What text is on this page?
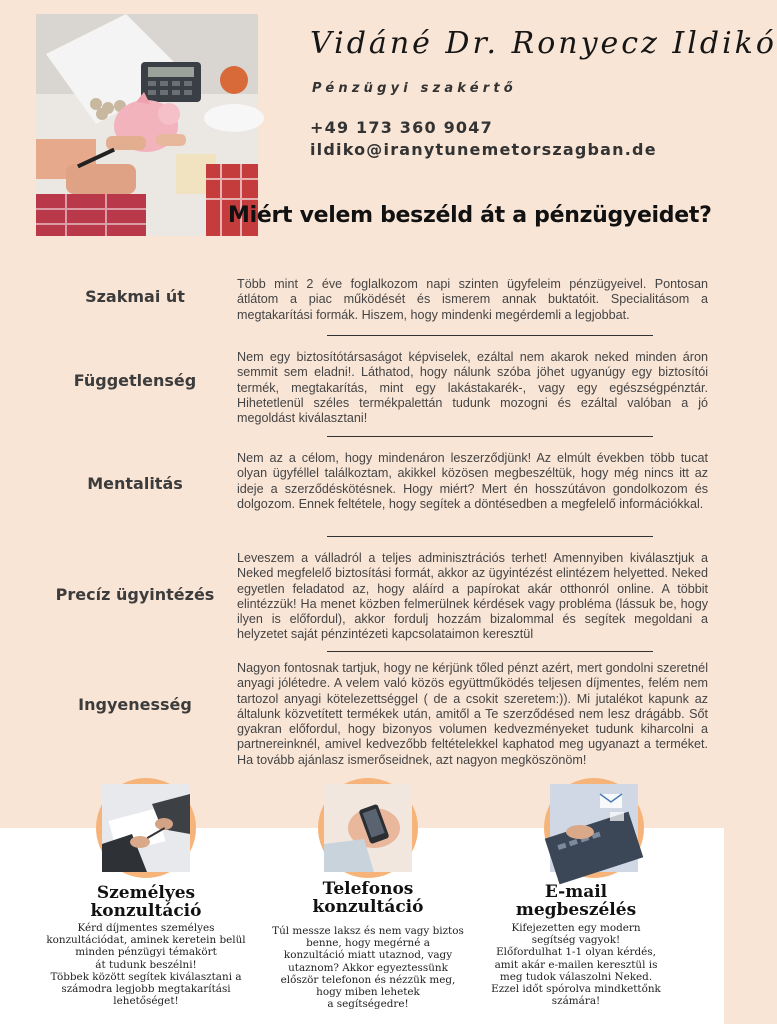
Vidáné Dr. Ronyecz Ildikó
Pénzügyi szakértő
+49 173 360 9047
ildiko@iranytunemetorszagban.de
Miért velem beszéld át a pénzügyeidet?
Szakmai út
Több mint 2 éve foglalkozom napi szinten ügyfeleim pénzügyeivel. Pontosan átlátom a piac működését és ismerem annak buktatóit. Specialitásom a megtakarítási formák. Hiszem, hogy mindenki megérdemli a legjobbat.
Függetlenség
Nem egy biztosítótársaságot képviselek, ezáltal nem akarok neked minden áron semmit sem eladni!. Láthatod, hogy nálunk szóba jöhet ugyanúgy egy biztosítói termék, megtakarítás, mint egy lakástakarék-, vagy egy egészségpénztár. Hihetetlenül széles termékpalettán tudunk mozogni és ezáltal valóban a jó megoldást kiválasztani!
Mentalitás
Nem az a célom, hogy mindenáron leszerződjünk! Az elmúlt években több tucat olyan ügyféllel találkoztam, akikkel közösen megbeszéltük, hogy még nincs itt az ideje a szerződéskötésnek. Hogy miért? Mert én hosszútávon gondolkozom és dolgozom. Ennek feltétele, hogy segítek a döntésedben a megfelelő információkkal.
Precíz ügyintézés
Leveszem a válladról a teljes adminisztrációs terhet! Amennyiben kiválasztjuk a Neked megfelelő biztosítási formát, akkor az ügyintézést elintézem helyetted. Neked egyetlen feladatod az, hogy aláírd a papírokat akár otthonról online. A többit elintézzük! Ha menet közben felmerülnek kérdések vagy probléma (lássuk be, hogy ilyen is előfordul), akkor fordulj hozzám bizalommal és segítek megoldani a helyzetet saját pénzintézeti kapcsolataimon keresztül
Ingyenesség
Nagyon fontosnak tartjuk, hogy ne kérjünk tőled pénzt azért, mert gondolni szeretnél anyagi jólétedre. A velem való közös együttműködés teljesen díjmentes, felém nem tartozol anyagi kötelezettséggel ( de a csokit szeretem:)). Mi jutalékot kapunk az általunk közvetített termékek után, amitől a Te szerződésed nem lesz drágább. Sőt gyakran előfordul, hogy bizonyos volumen kedvezményeket tudunk kiharcolni a partnereinknél, amivel kedvezőbb feltételekkel kaphatod meg ugyanazt a terméket. Ha tovább ajánlasz ismerőseidnek, azt nagyon megköszönöm!
Személyes
konzultáció
Kérd díjmentes személyes
konzultációdat, aminek keretein belül
minden pénzügyi témakört
át tudunk beszélni!
Többek között segítek kiválasztani a
számodra legjobb megtakarítási
lehetőséget!
Telefonos
konzultáció
Túl messze laksz és nem vagy biztos
benne, hogy megérné a
konzultáció miatt utaznod, vagy
utaznom? Akkor egyeztessünk
először telefonon és nézzük meg,
hogy miben lehetek
a segítségedre!
E-mail
megbeszélés
Kifejezetten egy modern
segítség vagyok!
Előfordulhat 1-1 olyan kérdés,
amit akár e-mailen keresztül is
meg tudok válaszolni Neked.
Ezzel időt spórolva mindkettőnk
számára!
